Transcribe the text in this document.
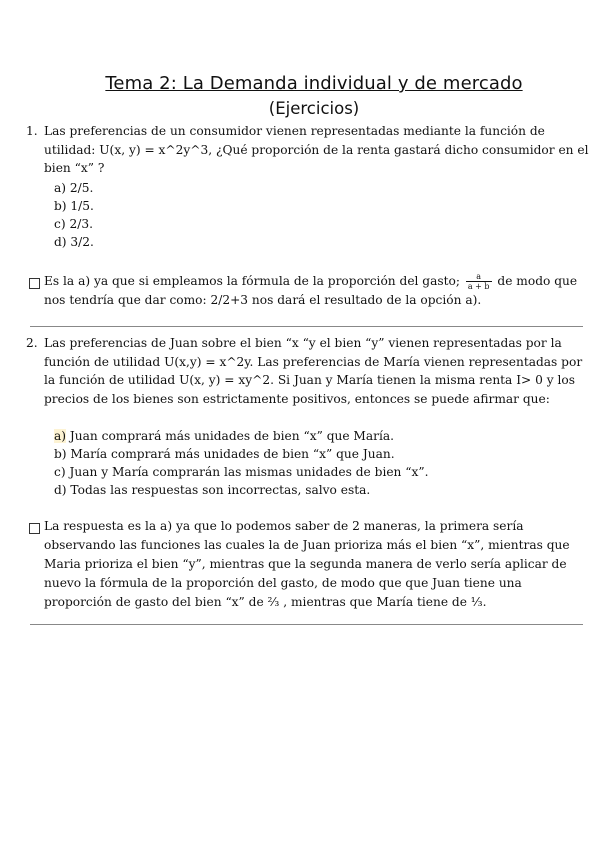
Tema 2: La Demanda individual y de mercado
(Ejercicios)
1. Las preferencias de un consumidor vienen representadas mediante la función de utilidad: U(x, y) = x^2y^3, ¿Qué proporción de la renta gastará dicho consumidor en el bien “x” ?
a) 2/5.
b) 1/5.
c) 2/3.
d) 3/2.
Es la a) ya que si empleamos la fórmula de la proporción del gasto; $\frac{a}{a + b}$ de modo que nos tendría que dar como: 2/2+3 nos dará el resultado de la opción a).
2. Las preferencias de Juan sobre el bien “x “y el bien “y” vienen representadas por la función de utilidad U(x,y) = x^2y. Las preferencias de María vienen representadas por la función de utilidad U(x, y) = xy^2. Si Juan y María tienen la misma renta I> 0 y los precios de los bienes son estrictamente positivos, entonces se puede afirmar que:
a) Juan comprará más unidades de bien “x” que María.
b) María comprará más unidades de bien “x” que Juan.
c) Juan y María comprarán las mismas unidades de bien “x”.
d) Todas las respuestas son incorrectas, salvo esta.
La respuesta es la a) ya que lo podemos saber de 2 maneras, la primera sería observando las funciones las cuales la de Juan prioriza más el bien “x”, mientras que Maria prioriza el bien “y”, mientras que la segunda manera de verlo sería aplicar de nuevo la fórmula de la proporción del gasto, de modo que que Juan tiene una proporción de gasto del bien “x” de ⅔ , mientras que María tiene de ⅓.
